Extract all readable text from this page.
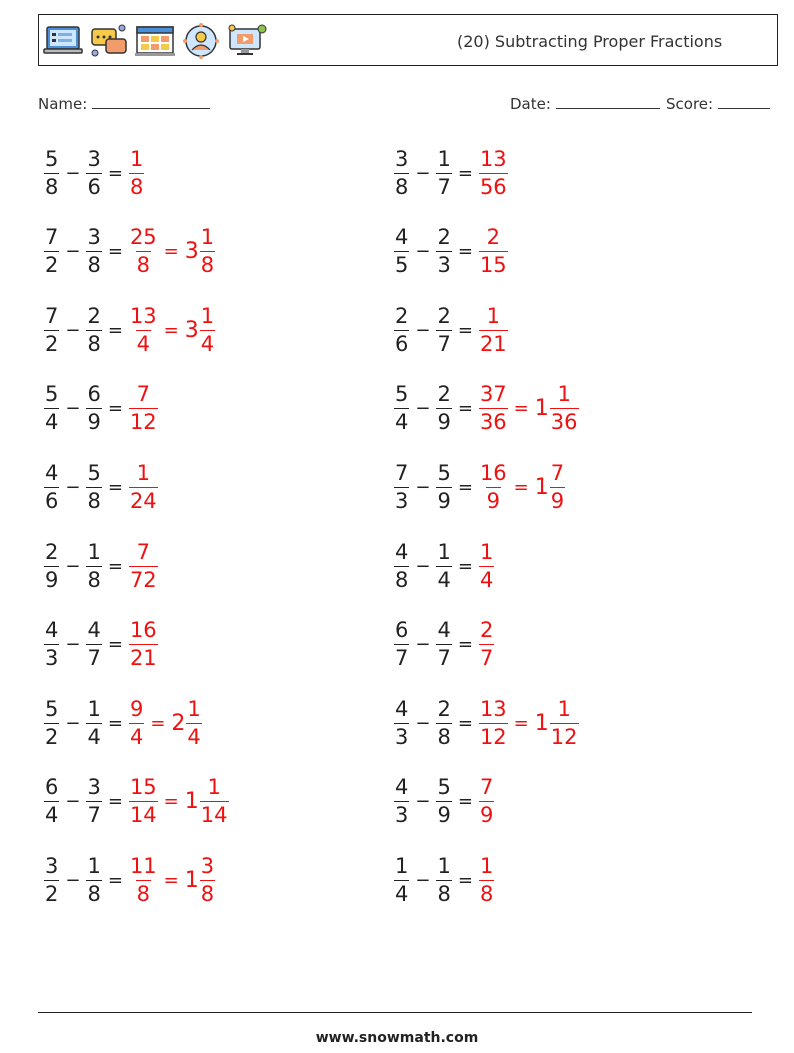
(20) Subtracting Proper Fractions
Name:	Date:	Score:
$\frac{5}{8} - \frac{3}{6} = \frac{1}{8}$	$\frac{3}{8} - \frac{1}{7} = \frac{13}{56}$
$\frac{7}{2} - \frac{3}{8} = \frac{25}{8} = 3 \frac{1}{8}$	$\frac{4}{5} - \frac{2}{3} = \frac{2}{15}$
$\frac{7}{2} - \frac{2}{8} = \frac{13}{4} = 3 \frac{1}{4}$	$\frac{2}{6} - \frac{2}{7} = \frac{1}{21}$
$\frac{5}{4} - \frac{6}{9} = \frac{7}{12}$	$\frac{5}{4} - \frac{2}{9} = \frac{37}{36} = 1 \frac{1}{36}$
$\frac{4}{6} - \frac{5}{8} = \frac{1}{24}$	$\frac{7}{3} - \frac{5}{9} = \frac{16}{9} = 1 \frac{7}{9}$
$\frac{2}{9} - \frac{1}{8} = \frac{7}{72}$	$\frac{4}{8} - \frac{1}{4} = \frac{1}{4}$
$\frac{4}{3} - \frac{4}{7} = \frac{16}{21}$	$\frac{6}{7} - \frac{4}{7} = \frac{2}{7}$
$\frac{5}{2} - \frac{1}{4} = \frac{9}{4} = 2 \frac{1}{4}$	$\frac{4}{3} - \frac{2}{8} = \frac{13}{12} = 1 \frac{1}{12}$
$\frac{6}{4} - \frac{3}{7} = \frac{15}{14} = 1 \frac{1}{14}$	$\frac{4}{3} - \frac{5}{9} = \frac{7}{9}$
$\frac{3}{2} - \frac{1}{8} = \frac{11}{8} = 1 \frac{3}{8}$	$\frac{1}{4} - \frac{1}{8} = \frac{1}{8}$
www.snowmath.com
